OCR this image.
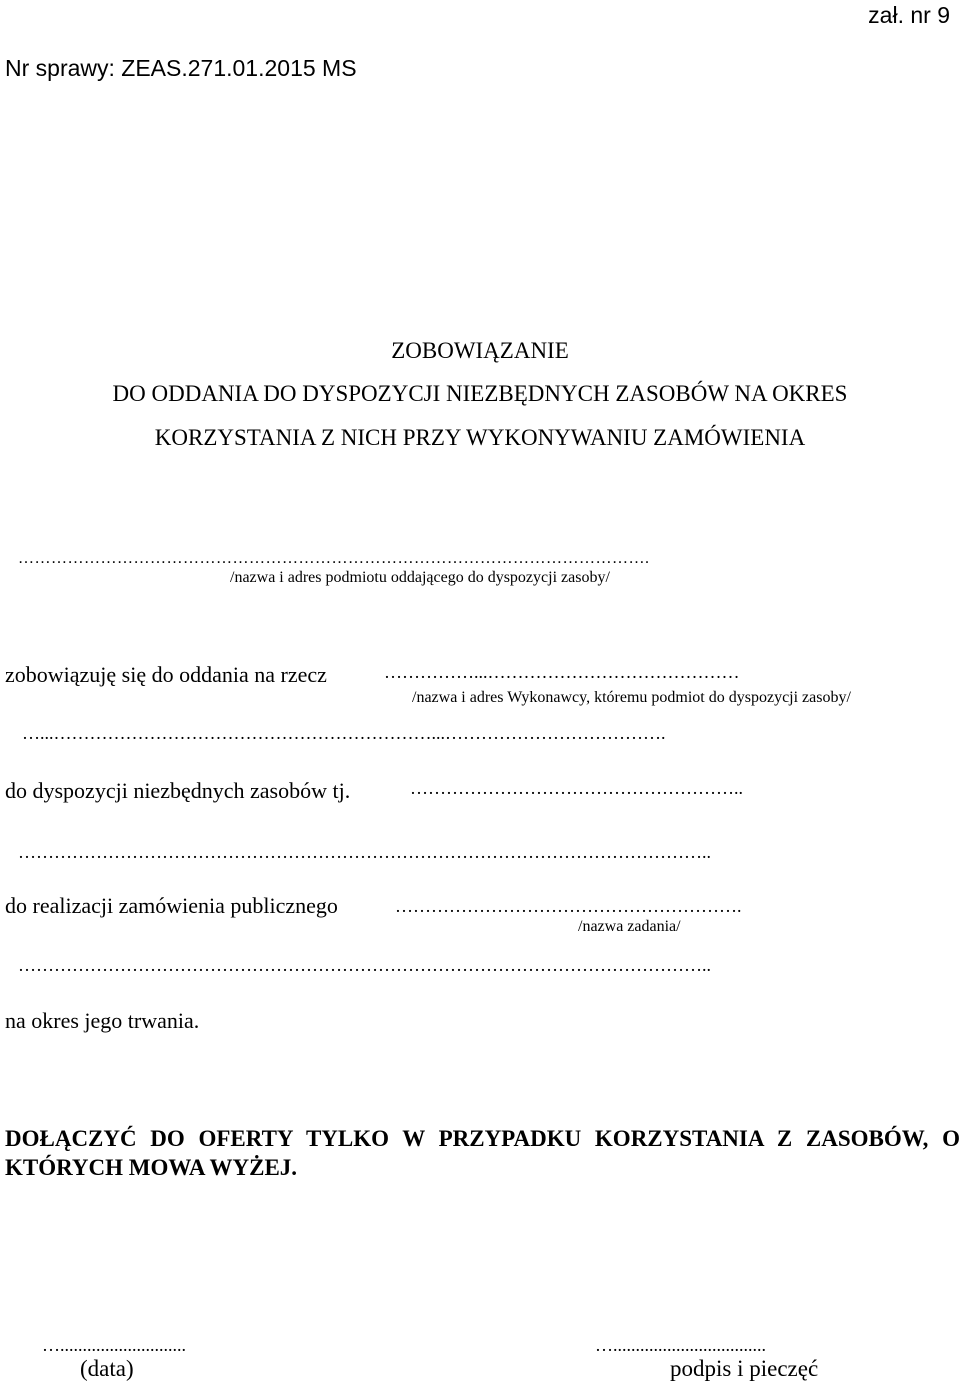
zał. nr 9
Nr sprawy: ZEAS.271.01.2015 MS
ZOBOWIĄZANIE
DO ODDANIA DO DYSPOZYCJI NIEZBĘDNYCH ZASOBÓW NA OKRES
KORZYSTANIA Z NICH PRZY WYKONYWANIU ZAMÓWIENIA
…………………………………………………………………………………………………….
/nazwa i adres podmiotu oddającego do dyspozycji zasoby/
zobowiązuję się do oddania na rzecz	……………...……………………………………
/nazwa i adres Wykonawcy, któremu podmiot do dyspozycji zasoby/
…...………………………………………………………...……………………………….
do dyspozycji niezbędnych zasobów tj.	………………………………………………..
……………………………………………………………………………………………………..
do realizacji zamówienia publicznego	………………………………………………….
/nazwa zadania/
……………………………………………………………………………………………………..
na okres jego trwania.
DOŁĄCZYĆ DO OFERTY TYLKO W PRZYPADKU KORZYSTANIA Z ZASOBÓW, O KTÓRYCH MOWA WYŻEJ.
…............................
(data)
…..................................
podpis i pieczęć
